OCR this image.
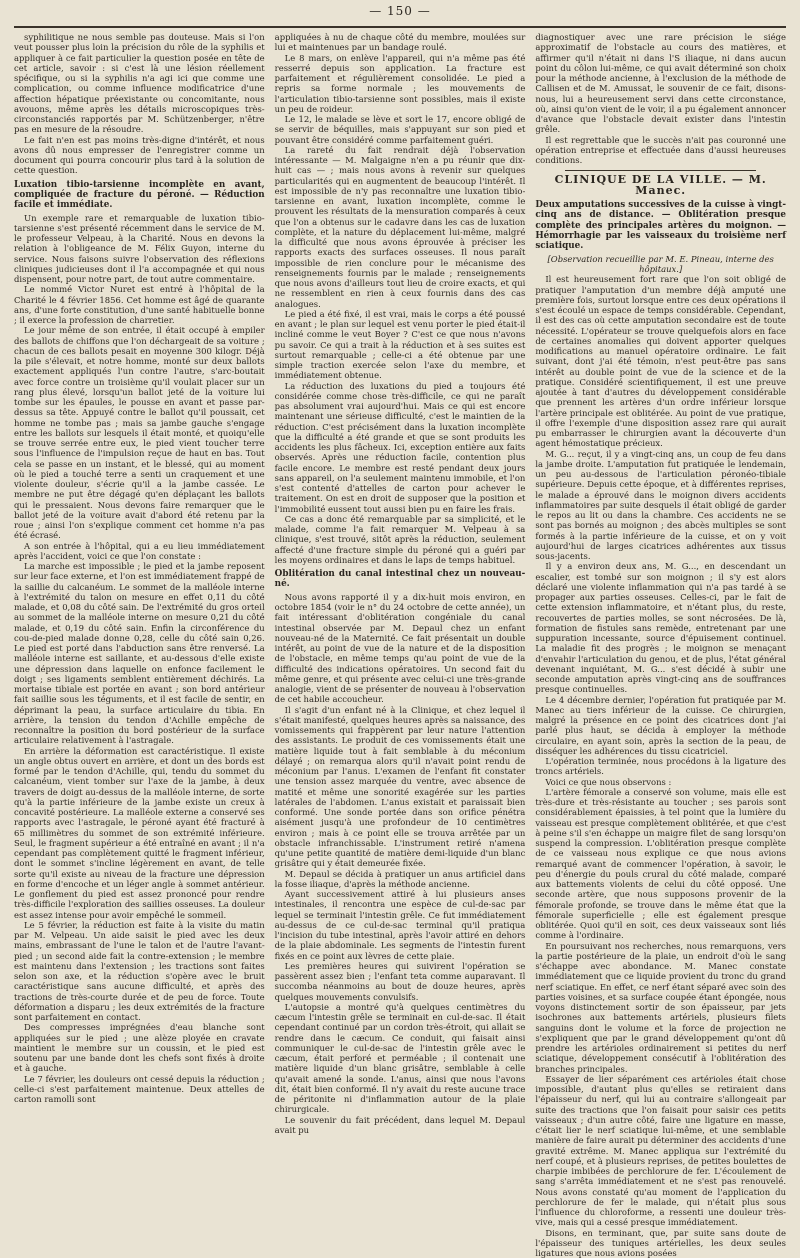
— 150 —

syphilitique ne nous semble pas douteuse. Mais si l'on veut pousser plus loin la précision du rôle de la syphilis et appliquer à ce fait particulier la question posée en tête de cet article, savoir : si c'est là une lésion réellement spécifique, ou si la syphilis n'a agi ici que comme une complication, ou comme influence modificatrice d'une affection hépatique préexistante ou concomitante, nous avouons, même après les détails microscopiques très-circonstanciés rapportés par M. Schützenberger, n'être pas en mesure de la résoudre.

Le fait n'en est pas moins très-digne d'intérêt, et nous avons dû nous empresser de l'enregistrer comme un document qui pourra concourir plus tard à la solution de cette question.

Luxation tibio-tarsienne incomplète en avant, compliquée de fracture du péroné. — Réduction facile et immédiate.

Un exemple rare et remarquable de luxation tibio-tarsienne s'est présenté récemment dans le service de M. le professeur Velpeau, à la Charité. Nous en devons la relation à l'obligeance de M. Félix Guyon, interne du service. Nous faisons suivre l'observation des réflexions cliniques judicieuses dont il l'a accompagnée et qui nous dispensent, pour notre part, de tout autre commentaire.

Le nommé Victor Nuret est entré à l'hôpital de la Charité le 4 février 1856. Cet homme est âgé de quarante ans, d'une forte constitution, d'une santé habituelle bonne ; il exerce la profession de charretier.

Le jour même de son entrée, il était occupé à empiler des ballots de chiffons que l'on déchargeait de sa voiture ; chacun de ces ballots pesait en moyenne 300 kilogr. Déjà la pile s'élevait, et notre homme, monté sur deux ballots exactement appliqués l'un contre l'autre, s'arc-boutait avec force contre un troisième qu'il voulait placer sur un rang plus élevé, lorsqu'un ballot jeté de la voiture lui tombe sur les épaules, le pousse en avant et passe par-dessus sa tête. Appuyé contre le ballot qu'il poussait, cet homme ne tombe pas ; mais sa jambe gauche s'engage entre les ballots sur lesquels il était monté, et quoiqu'elle se trouve serrée entre eux, le pied vient toucher terre sous l'influence de l'impulsion reçue de haut en bas. Tout cela se passe en un instant, et le blessé, qui au moment où le pied a touché terre a senti un craquement et une violente douleur, s'écrie qu'il a la jambe cassée. Le membre ne put être dégagé qu'en déplaçant les ballots qui le pressaient. Nous devons faire remarquer que le ballot jeté de la voiture avait d'abord été retenu par la roue ; ainsi l'on s'explique comment cet homme n'a pas été écrasé.

A son entrée à l'hôpital, qui a eu lieu immédiatement après l'accident, voici ce que l'on constate :

La marche est impossible ; le pied et la jambe reposent sur leur face externe, et l'on est immédiatement frappé de la saillie du calcanéum. Le sommet de la malléole interne à l'extrémité du talon on mesure en effet 0,11 du côté malade, et 0,08 du côté sain. De l'extrémité du gros orteil au sommet de la malléole interne on mesure 0,21 du côté malade, et 0,19 du côté sain. Enfin la circonférence du cou-de-pied malade donne 0,28, celle du côté sain 0,26. Le pied est porté dans l'abduction sans être renversé. La malléole interne est saillante, et au-dessous d'elle existe une dépression dans laquelle on enfonce facilement le doigt ; ses ligaments semblent entièrement déchirés. La mortaise tibiale est portée en avant ; son bord antérieur fait saillie sous les téguments, et il est facile de sentir, en déprimant la peau, la surface articulaire du tibia. En arrière, la tension du tendon d'Achille empêche de reconnaître la position du bord postérieur de la surface articulaire relativement à l'astragale.

En arrière la déformation est caractéristique. Il existe un angle obtus ouvert en arrière, et dont un des bords est formé par le tendon d'Achille, qui, tendu du sommet du calcanéum, vient tomber sur l'axe de la jambe, à deux travers de doigt au-dessus de la malléole interne, de sorte qu'à la partie inférieure de la jambe existe un creux à concavité postérieure. La malléole externe a conservé ses rapports avec l'astragale, le péroné ayant été fracturé à 65 millimètres du sommet de son extrémité inférieure. Seul, le fragment supérieur a été entraîné en avant ; il n'a cependant pas complètement quitté le fragment inférieur, dont le sommet s'incline légèrement en avant, de telle sorte qu'il existe au niveau de la fracture une dépression en forme d'encoche et un léger angle à sommet antérieur. Le gonflement du pied est assez prononcé pour rendre très-difficile l'exploration des saillies osseuses. La douleur est assez intense pour avoir empêché le sommeil.

Le 5 février, la réduction est faite à la visite du matin par M. Velpeau. Un aide saisit le pied avec les deux mains, embrassant de l'une le talon et de l'autre l'avant-pied ; un second aide fait la contre-extension ; le membre est maintenu dans l'extension ; les tractions sont faites selon son axe, et la réduction s'opère avec le bruit caractéristique sans aucune difficulté, et après des tractions de très-courte durée et de peu de force. Toute déformation a disparu ; les deux extrémités de la fracture sont parfaitement en contact.

Des compresses imprégnées d'eau blanche sont appliquées sur le pied ; une alèze ployée en cravate maintient le membre sur un coussin, et le pied est soutenu par une bande dont les chefs sont fixés à droite et à gauche.

Le 7 février, les douleurs ont cessé depuis la réduction ; celle-ci s'est parfaitement maintenue. Deux attelles de carton ramolli sont

appliquées à nu de chaque côté du membre, moulées sur lui et maintenues par un bandage roulé.

Le 8 mars, on enlève l'appareil, qui n'a même pas été resserré depuis son application. La fracture est parfaitement et régulièrement consolidée. Le pied a repris sa forme normale ; les mouvements de l'articulation tibio-tarsienne sont possibles, mais il existe un peu de roideur.

Le 12, le malade se lève et sort le 17, encore obligé de se servir de béquilles, mais s'appuyant sur son pied et pouvant être considéré comme parfaitement guéri.

La rareté du fait rendrait déjà l'observation intéressante — M. Malgaigne n'en a pu réunir que dix-huit cas — ; mais nous avons à revenir sur quelques particularités qui en augmentent de beaucoup l'intérêt. Il est impossible de n'y pas reconnaître une luxation tibio-tarsienne en avant, luxation incomplète, comme le prouvent les résultats de la mensuration comparés à ceux que l'on a obtenus sur le cadavre dans les cas de luxation complète, et la nature du déplacement lui-même, malgré la difficulté que nous avons éprouvée à préciser les rapports exacts des surfaces osseuses. Il nous paraît impossible de rien conclure pour le mécanisme des renseignements fournis par le malade ; renseignements que nous avons d'ailleurs tout lieu de croire exacts, et qui ne ressemblent en rien à ceux fournis dans des cas analogues.

Le pied a été fixé, il est vrai, mais le corps a été poussé en avant ; le plan sur lequel est venu porter le pied était-il incliné comme le veut Boyer ? C'est ce que nous n'avons pu savoir. Ce qui a trait à la réduction et à ses suites est surtout remarquable ; celle-ci a été obtenue par une simple traction exercée selon l'axe du membre, et immédiatement obtenue.

La réduction des luxations du pied a toujours été considérée comme chose très-difficile, ce qui ne paraît pas absolument vrai aujourd'hui. Mais ce qui est encore maintenant une sérieuse difficulté, c'est le maintien de la réduction. C'est précisément dans la luxation incomplète que la difficulté a été grande et que se sont produits les accidents les plus fâcheux. Ici, exception entière aux faits observés. Après une réduction facile, contention plus facile encore. Le membre est resté pendant deux jours sans appareil, on l'a seulement maintenu immobile, et l'on s'est contenté d'attelles de carton pour achever le traitement. On est en droit de supposer que la position et l'immobilité eussent tout aussi bien pu en faire les frais.

Ce cas a donc été remarquable par sa simplicité, et le malade, comme l'a fait remarquer M. Velpeau à sa clinique, s'est trouvé, sitôt après la réduction, seulement affecté d'une fracture simple du péroné qui a guéri par les moyens ordinaires et dans le laps de temps habituel.

Oblitération du canal intestinal chez un nouveau-né.

Nous avons rapporté il y a dix-huit mois environ, en octobre 1854 (voir le n° du 24 octobre de cette année), un fait intéressant d'oblitération congéniale du canal intestinal observée par M. Depaul chez un enfant nouveau-né de la Maternité. Ce fait présentait un double intérêt, au point de vue de la nature et de la disposition de l'obstacle, en même temps qu'au point de vue de la difficulté des indications opératoires. Un second fait du même genre, et qui présente avec celui-ci une très-grande analogie, vient de se présenter de nouveau à l'observation de cet habile accoucheur.

Il s'agit d'un enfant né à la Clinique, et chez lequel il s'était manifesté, quelques heures après sa naissance, des vomissements qui frappèrent par leur nature l'attention des assistants. Le produit de ces vomissements était une matière liquide tout à fait semblable à du méconium délayé ; on remarqua alors qu'il n'avait point rendu de méconium par l'anus. L'examen de l'enfant fit constater une tension assez marquée du ventre, avec absence de matité et même une sonorité exagérée sur les parties latérales de l'abdomen. L'anus existait et paraissait bien conformé. Une sonde portée dans son orifice pénétra aisément jusqu'à une profondeur de 10 centimètres environ ; mais à ce point elle se trouva arrêtée par un obstacle infranchissable. L'instrument retiré n'amena qu'une petite quantité de matière demi-liquide d'un blanc grisâtre qui y était demeurée fixée.

M. Depaul se décida à pratiquer un anus artificiel dans la fosse iliaque, d'après la méthode ancienne.

Ayant successivement attiré à lui plusieurs anses intestinales, il rencontra une espèce de cul-de-sac par lequel se terminait l'intestin grêle. Ce fut immédiatement au-dessus de ce cul-de-sac terminal qu'il pratiqua l'incision du tube intestinal, après l'avoir attiré en dehors de la plaie abdominale. Les segments de l'intestin furent fixés en ce point aux lèvres de cette plaie.

Les premières heures qui suivirent l'opération se passèrent assez bien ; l'enfant teta comme auparavant. Il succomba néanmoins au bout de douze heures, après quelques mouvements convulsifs.

L'autopsie a montré qu'à quelques centimètres du cæcum l'intestin grêle se terminait en cul-de-sac. Il était cependant continué par un cordon très-étroit, qui allait se rendre dans le cæcum. Ce conduit, qui faisait ainsi communiquer le cul-de-sac de l'intestin grêle avec le cæcum, était perforé et perméable ; il contenait une matière liquide d'un blanc grisâtre, semblable à celle qu'avait amené la sonde. L'anus, ainsi que nous l'avons dit, était bien conformé. Il n'y avait du reste aucune trace de péritonite ni d'inflammation autour de la plaie chirurgicale.

Le souvenir du fait précédent, dans lequel M. Depaul avait pu

diagnostiquer avec une rare précision le siége approximatif de l'obstacle au cours des matières, et affirmer qu'il n'était ni dans l'S iliaque, ni dans aucun point du côlon lui-même, ce qui avait déterminé son choix pour la méthode ancienne, à l'exclusion de la méthode de Callisen et de M. Amussat, le souvenir de ce fait, disons-nous, lui a heureusement servi dans cette circonstance, où, ainsi qu'on vient de le voir, il a pu également annoncer d'avance que l'obstacle devait exister dans l'intestin grêle.

Il est regrettable que le succès n'ait pas couronné une opération entreprise et effectuée dans d'aussi heureuses conditions.

CLINIQUE DE LA VILLE. — M. Manec.
Deux amputations successives de la cuisse à vingt-cinq ans de distance. — Oblitération presque complète des principales artères du moignon. — Hémorrhagie par les vaisseaux du troisième nerf sciatique.

[Observation recueillie par M. E. Pineau, interne des hôpitaux.]

Il est heureusement fort rare que l'on soit obligé de pratiquer l'amputation d'un membre déjà amputé une première fois, surtout lorsque entre ces deux opérations il s'est écoulé un espace de temps considérable. Cependant, il est des cas où cette amputation secondaire est de toute nécessité. L'opérateur se trouve quelquefois alors en face de certaines anomalies qui doivent apporter quelques modifications au manuel opératoire ordinaire. Le fait suivant, dont j'ai été témoin, n'est peut-être pas sans intérêt au double point de vue de la science et de la pratique. Considéré scientifiquement, il est une preuve ajoutée à tant d'autres du développement considérable que prennent les artères d'un ordre inférieur lorsque l'artère principale est oblitérée. Au point de vue pratique, il offre l'exemple d'une disposition assez rare qui aurait pu embarrasser le chirurgien avant la découverte d'un agent hémostatique précieux.

M. G... reçut, il y a vingt-cinq ans, un coup de feu dans la jambe droite. L'amputation fut pratiquée le lendemain, un peu au-dessous de l'articulation péronéo-tibiale supérieure. Depuis cette époque, et à différentes reprises, le malade a éprouvé dans le moignon divers accidents inflammatoires par suite desquels il était obligé de garder le repos au lit ou dans la chambre. Ces accidents ne se sont pas bornés au moignon ; des abcès multiples se sont formés à la partie inférieure de la cuisse, et on y voit aujourd'hui de larges cicatrices adhérentes aux tissus sous-jacents.

Il y a environ deux ans, M. G..., en descendant un escalier, est tombé sur son moignon ; il s'y est alors déclaré une violente inflammation qui n'a pas tardé à se propager aux parties osseuses. Celles-ci, par le fait de cette extension inflammatoire, et n'étant plus, du reste, recouvertes de parties molles, se sont nécrosées. De là, formation de fistules sans remède, entretenant par une suppuration incessante, source d'épuisement continuel. La maladie fit des progrès ; le moignon se menaçant d'envahir l'articulation du genou, et de plus, l'état général devenant inquiétant, M. G... s'est décidé à subir une seconde amputation après vingt-cinq ans de souffrances presque continuelles.

Le 4 décembre dernier, l'opération fut pratiquée par M. Manec au tiers inférieur de la cuisse. Ce chirurgien, malgré la présence en ce point des cicatrices dont j'ai parlé plus haut, se décida à employer la méthode circulaire, en ayant soin, après la section de la peau, de disséquer les adhérences du tissu cicatriciel.

L'opération terminée, nous procédons à la ligature des troncs artériels.

Voici ce que nous observons :

L'artère fémorale a conservé son volume, mais elle est très-dure et très-résistante au toucher ; ses parois sont considérablement épaissies, à tel point que la lumière du vaisseau est presque complètement oblitérée, et que c'est à peine s'il s'en échappe un maigre filet de sang lorsqu'on suspend la compression. L'oblitération presque complète de ce vaisseau nous explique ce que nous avions remarqué avant de commencer l'opération, à savoir, le peu d'énergie du pouls crural du côté malade, comparé aux battements violents de celui du côté opposé. Une seconde artère, que nous supposons provenir de la fémorale profonde, se trouve dans le même état que la fémorale superficielle ; elle est également presque oblitérée. Quoi qu'il en soit, ces deux vaisseaux sont liés comme à l'ordinaire.

En poursuivant nos recherches, nous remarquons, vers la partie postérieure de la plaie, un endroit d'où le sang s'échappe avec abondance. M. Manec constate immédiatement que ce liquide provient du tronc du grand nerf sciatique. En effet, ce nerf étant séparé avec soin des parties voisines, et sa surface coupée étant épongée, nous voyons distinctement sortir de son épaisseur, par jets isochrones aux battements artériels, plusieurs filets sanguins dont le volume et la force de projection ne s'expliquent que par le grand développement qu'ont dû prendre les artérioles ordinairement si petites du nerf sciatique, développement consécutif à l'oblitération des branches principales.

Essayer de lier séparément ces artérioles était chose impossible, d'autant plus qu'elles se retiraient dans l'épaisseur du nerf, qui lui au contraire s'allongeait par suite des tractions que l'on faisait pour saisir ces petits vaisseaux ; d'un autre côté, faire une ligature en masse, c'était lier le nerf sciatique lui-même, et une semblable manière de faire aurait pu déterminer des accidents d'une gravité extrême. M. Manec appliqua sur l'extrémité du nerf coupé, et à plusieurs reprises, de petites boulettes de charpie imbibées de perchlorure de fer. L'écoulement de sang s'arrêta immédiatement et ne s'est pas renouvelé. Nous avons constaté qu'au moment de l'application du perchlorure de fer le malade, qui n'était plus sous l'influence du chloroforme, a ressenti une douleur très-vive, mais qui a cessé presque immédiatement.

Disons, en terminant, que, par suite sans doute de l'épaisseur des tuniques artérielles, les deux seules ligatures que nous avions posées
